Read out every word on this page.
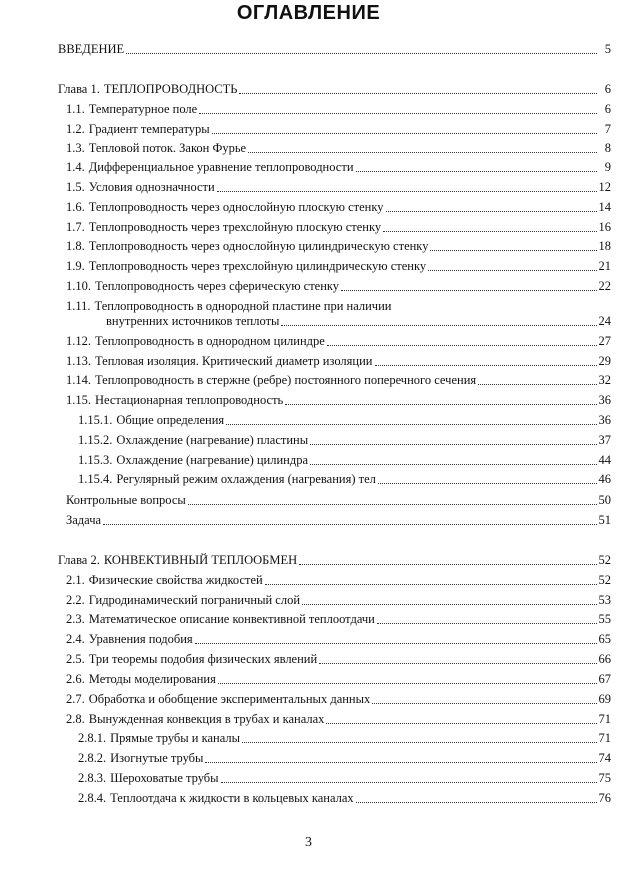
ОГЛАВЛЕНИЕ
ВВЕДЕНИЕ	5
Глава 1. ТЕПЛОПРОВОДНОСТЬ	6
1.1. Температурное поле	6
1.2. Градиент температуры	7
1.3. Тепловой поток. Закон Фурье	8
1.4. Дифференциальное уравнение теплопроводности	9
1.5. Условия однозначности	12
1.6. Теплопроводность через однослойную плоскую стенку	14
1.7. Теплопроводность через трехслойную плоскую стенку	16
1.8. Теплопроводность через однослойную цилиндрическую стенку	18
1.9. Теплопроводность через трехслойную цилиндрическую стенку	21
1.10. Теплопроводность через сферическую стенку	22
1.11. Теплопроводность в однородной пластине при наличии
внутренних источников теплоты	24
1.12. Теплопроводность в однородном цилиндре	27
1.13. Тепловая изоляция. Критический диаметр изоляции	29
1.14. Теплопроводность в стержне (ребре) постоянного поперечного сечения	32
1.15. Нестационарная теплопроводность	36
1.15.1. Общие определения	36
1.15.2. Охлаждение (нагревание) пластины	37
1.15.3. Охлаждение (нагревание) цилиндра	44
1.15.4. Регулярный режим охлаждения (нагревания) тел	46
Контрольные вопросы	50
Задача	51
Глава 2. КОНВЕКТИВНЫЙ ТЕПЛООБМЕН	52
2.1. Физические свойства жидкостей	52
2.2. Гидродинамический пограничный слой	53
2.3. Математическое описание конвективной теплоотдачи	55
2.4. Уравнения подобия	65
2.5. Три теоремы подобия физических явлений	66
2.6. Методы моделирования	67
2.7. Обработка и обобщение экспериментальных данных	69
2.8. Вынужденная конвекция в трубах и каналах	71
2.8.1. Прямые трубы и каналы	71
2.8.2. Изогнутые трубы	74
2.8.3. Шероховатые трубы	75
2.8.4. Теплоотдача к жидкости в кольцевых каналах	76
3
